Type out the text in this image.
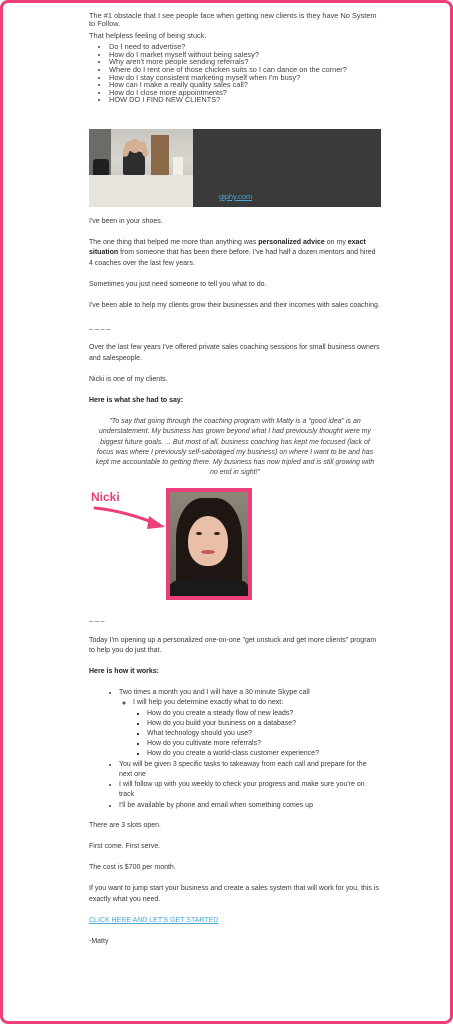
The #1 obstacle that I see people face when getting new clients is they have No System to Follow.

That helpless feeling of being stuck.

• Do I need to advertise?
• How do I market myself without being salesy?
• Why aren't more people sending referrals?
• Where do I rent one of those chicken suits so I can dance on the corner?
• How do I stay consistent marketing myself when I'm busy?
• How can I make a really quality sales call?
• How do I close more appointments?
• HOW DO I FIND NEW CLIENTS?
giphy.com

I've been in your shoes.

The one thing that helped me more than anything was personalized advice on my exact situation from someone that has been there before. I've had half a dozen mentors and hired 4 coaches over the last few years.

Sometimes you just need someone to tell you what to do.

I've been able to help my clients grow their businesses and their incomes with sales coaching.

_ _ _ _

Over the last few years I've offered private sales coaching sessions for small business owners and salespeople.

Nicki is one of my clients.

Here is what she had to say:

"To say that going through the coaching program with Matty is a "good idea" is an understatement. My business has grown beyond what I had previously thought were my biggest future goals. ... But most of all, business coaching has kept me focused (lack of focus was where I previously self-sabotaged my business) on where I want to be and has kept me accountable to getting there. My business has now tripled and is still growing with no end in sight!"

Nicki

_ _ _

Today I'm opening up a personalized one-on-one "get unstuck and get more clients" program to help you do just that.

Here is how it works:

• Two times a month you and I will have a 30 minute Skype call
◦ I will help you determine exactly what to do next:
▪ How do you create a steady flow of new leads?
▪ How do you build your business on a database?
▪ What technology should you use?
▪ How do you cultivate more referrals?
▪ How do you create a world-class customer experience?
• You will be given 3 specific tasks to takeaway from each call and prepare for the next one
• I will follow up with you weekly to check your progress and make sure you're on track
• I'll be available by phone and email when something comes up

There are 3 slots open.

First come. First serve.

The cost is $700 per month.

If you want to jump start your business and create a sales system that will work for you, this is exactly what you need.

CLICK HERE AND LET'S GET STARTED

-Matty
